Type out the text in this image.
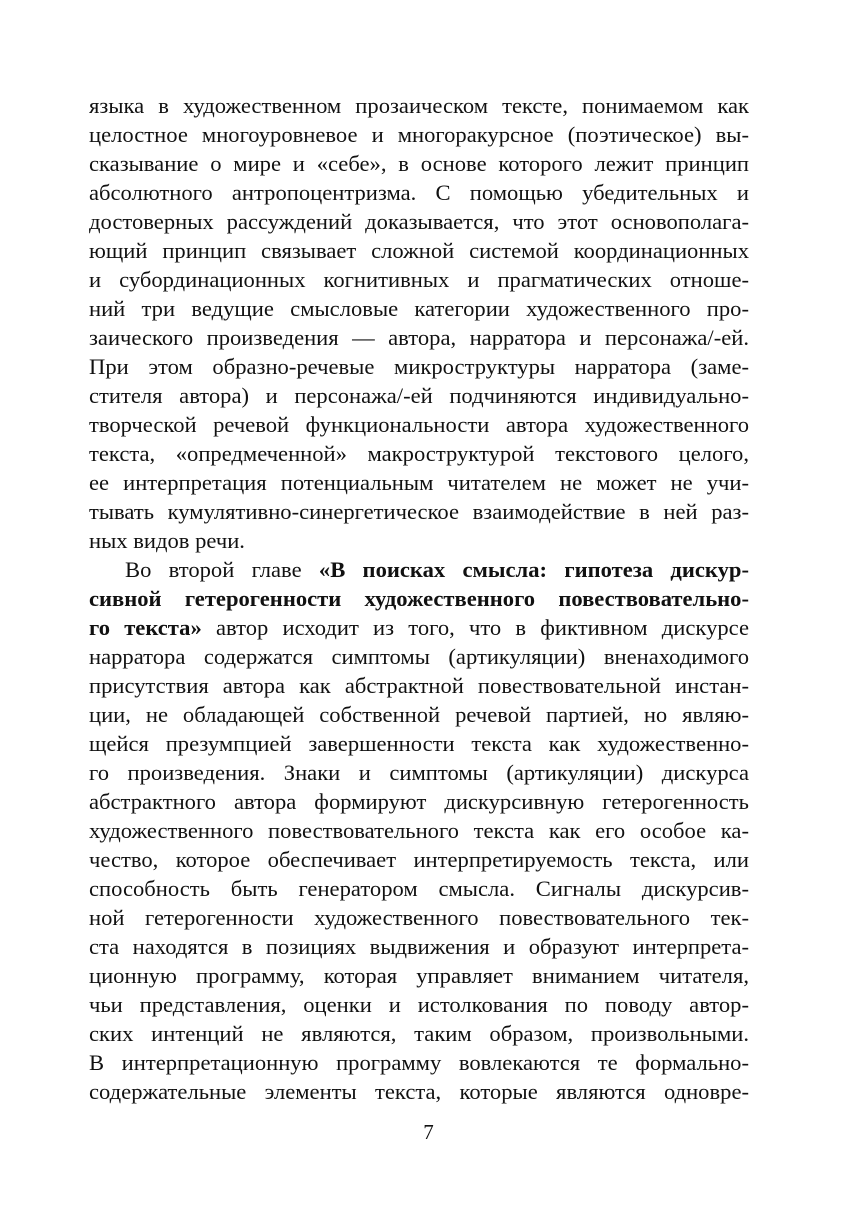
языка в художественном прозаическом тексте, понимаемом как
целостное многоуровневое и многоракурсное (поэтическое) вы-
сказывание о мире и «себе», в основе которого лежит принцип
абсолютного антропоцентризма. С помощью убедительных и
достоверных рассуждений доказывается, что этот основополага-
ющий принцип связывает сложной системой координационных
и субординационных когнитивных и прагматических отноше-
ний три ведущие смысловые категории художественного про-
заического произведения — автора, нарратора и персонажа/-ей.
При этом образно-речевые микроструктуры нарратора (заме-
стителя автора) и персонажа/-ей подчиняются индивидуально-
творческой речевой функциональности автора художественного
текста, «опредмеченной» макроструктурой текстового целого,
ее интерпретация потенциальным читателем не может не учи-
тывать кумулятивно-синергетическое взаимодействие в ней раз-
ных видов речи.
Во второй главе «В поисках смысла: гипотеза дискур-
сивной гетерогенности художественного повествовательно-
го текста» автор исходит из того, что в фиктивном дискурсе
нарратора содержатся симптомы (артикуляции) вненаходимого
присутствия автора как абстрактной повествовательной инстан-
ции, не обладающей собственной речевой партией, но являю-
щейся презумпцией завершенности текста как художественно-
го произведения. Знаки и симптомы (артикуляции) дискурса
абстрактного автора формируют дискурсивную гетерогенность
художественного повествовательного текста как его особое ка-
чество, которое обеспечивает интерпретируемость текста, или
способность быть генератором смысла. Сигналы дискурсив-
ной гетерогенности художественного повествовательного тек-
ста находятся в позициях выдвижения и образуют интерпрета-
ционную программу, которая управляет вниманием читателя,
чьи представления, оценки и истолкования по поводу автор-
ских интенций не являются, таким образом, произвольными.
В интерпретационную программу вовлекаются те формально-
содержательные элементы текста, которые являются одновре-
7
